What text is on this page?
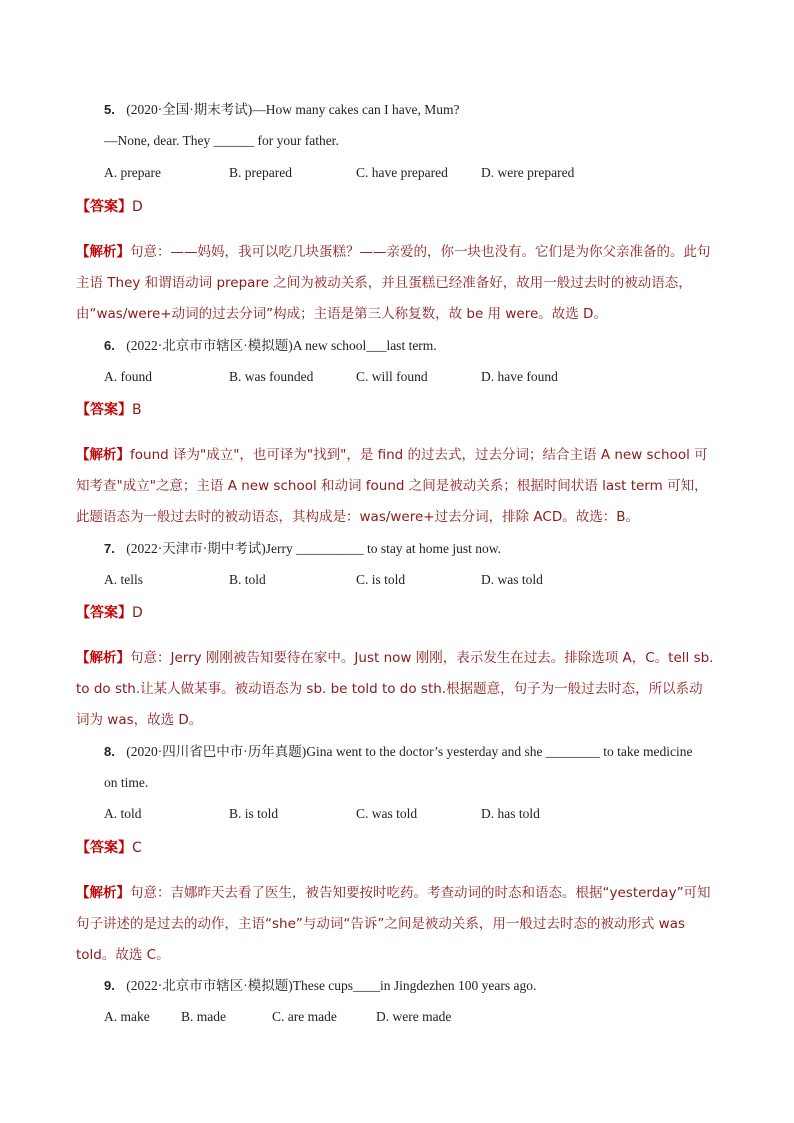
5. (2020·全国·期末考试)—How many cakes can I have, Mum?
—None, dear. They ______ for your father.
A. prepare	B. prepared	C. have prepared D. were prepared
【答案】D
【解析】句意：——妈妈，我可以吃几块蛋糕？——亲爱的，你一块也没有。它们是为你父亲准备的。此句主语 They 和谓语动词 prepare 之间为被动关系，并且蛋糕已经准备好，故用一般过去时的被动语态，由“was/were+动词的过去分词”构成；主语是第三人称复数，故 be 用 were。故选 D。
6. (2022·北京市市辖区·模拟题)A new school___last term.
A. found	B. was founded	C. will found	D. have found
【答案】B
【解析】found 译为"成立"，也可译为"找到"，是 find 的过去式，过去分词；结合主语 A new school 可知考查"成立"之意；主语 A new school 和动词 found 之间是被动关系；根据时间状语 last term 可知，此题语态为一般过去时的被动语态，其构成是：was/were+过去分词，排除 ACD。故选：B。
7. (2022·天津市·期中考试)Jerry __________ to stay at home just now.
A. tells	B. told	C. is told	D. was told
【答案】D
【解析】句意：Jerry 刚刚被告知要待在家中。Just now 刚刚，表示发生在过去。排除选项 A，C。tell sb. to do sth.让某人做某事。被动语态为 sb. be told to do sth.根据题意，句子为一般过去时态，所以系动词为 was，故选 D。
8. (2020·四川省巴中市·历年真题)Gina went to the doctor’s yesterday and she ________ to take medicine
on time.
A. told	B. is told	C. was told	D. has told
【答案】C
【解析】句意：吉娜昨天去看了医生，被告知要按时吃药。考查动词的时态和语态。根据“yesterday”可知句子讲述的是过去的动作，主语“she”与动词“告诉”之间是被动关系，用一般过去时态的被动形式 was told。故选 C。
9. (2022·北京市市辖区·模拟题)These cups____in Jingdezhen 100 years ago.
A. make B. made	C. are made	D. were made
